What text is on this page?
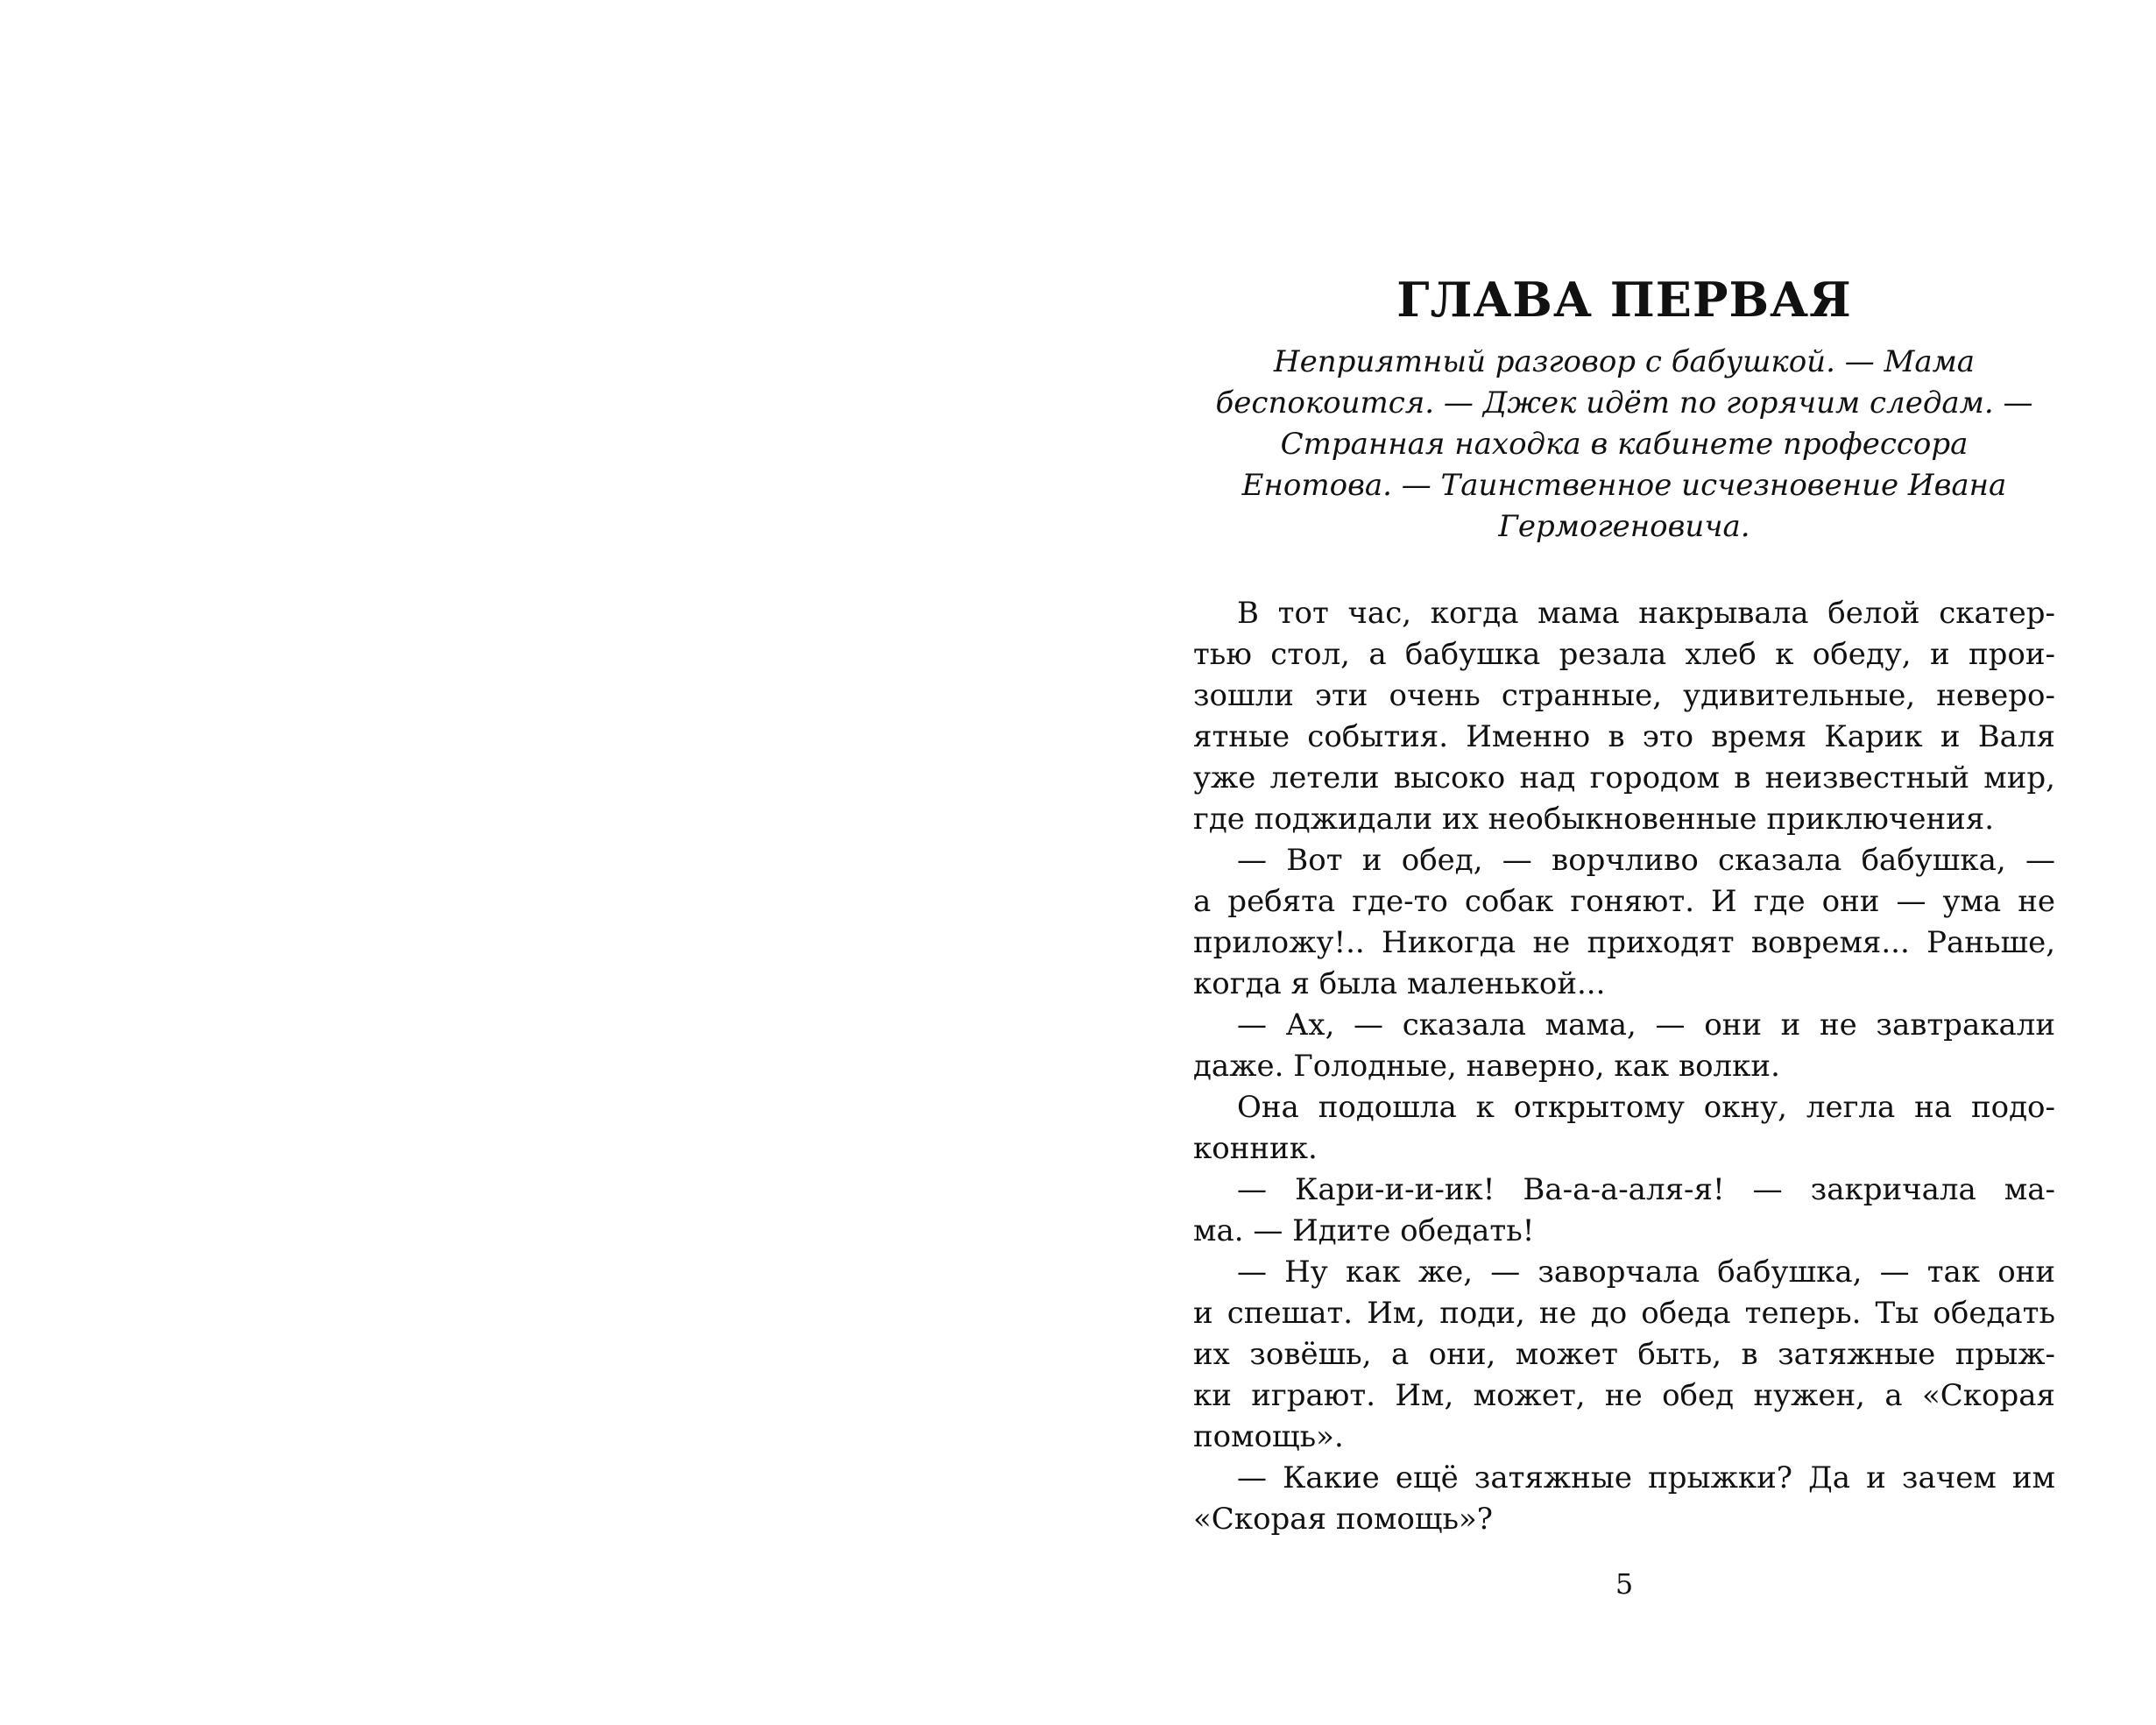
ГЛАВА ПЕРВАЯ
Неприятный разговор с бабушкой. — Мама
беспокоится. — Джек идёт по горячим следам. —
Странная находка в кабинете профессора
Енотова. — Таинственное исчезновение Ивана
Гермогеновича.
В тот час, когда мама накрывала белой скатер-
тью стол, а бабушка резала хлеб к обеду, и прои-
зошли эти очень странные, удивительные, неверо-
ятные события. Именно в это время Карик и Валя
уже летели высоко над городом в неизвестный мир,
где поджидали их необыкновенные приключения.
— Вот и обед, — ворчливо сказала бабушка, —
а ребята где-то собак гоняют. И где они — ума не
приложу!.. Никогда не приходят вовремя... Раньше,
когда я была маленькой...
— Ах, — сказала мама, — они и не завтракали
даже. Голодные, наверно, как волки.
Она подошла к открытому окну, легла на подо-
конник.
— Кари-и-и-ик! Ва-а-а-аля-я! — закричала ма-
ма. — Идите обедать!
— Ну как же, — заворчала бабушка, — так они
и спешат. Им, поди, не до обеда теперь. Ты обедать
их зовёшь, а они, может быть, в затяжные прыж-
ки играют. Им, может, не обед нужен, а «Скорая
помощь».
— Какие ещё затяжные прыжки? Да и зачем им
«Скорая помощь»?
5
